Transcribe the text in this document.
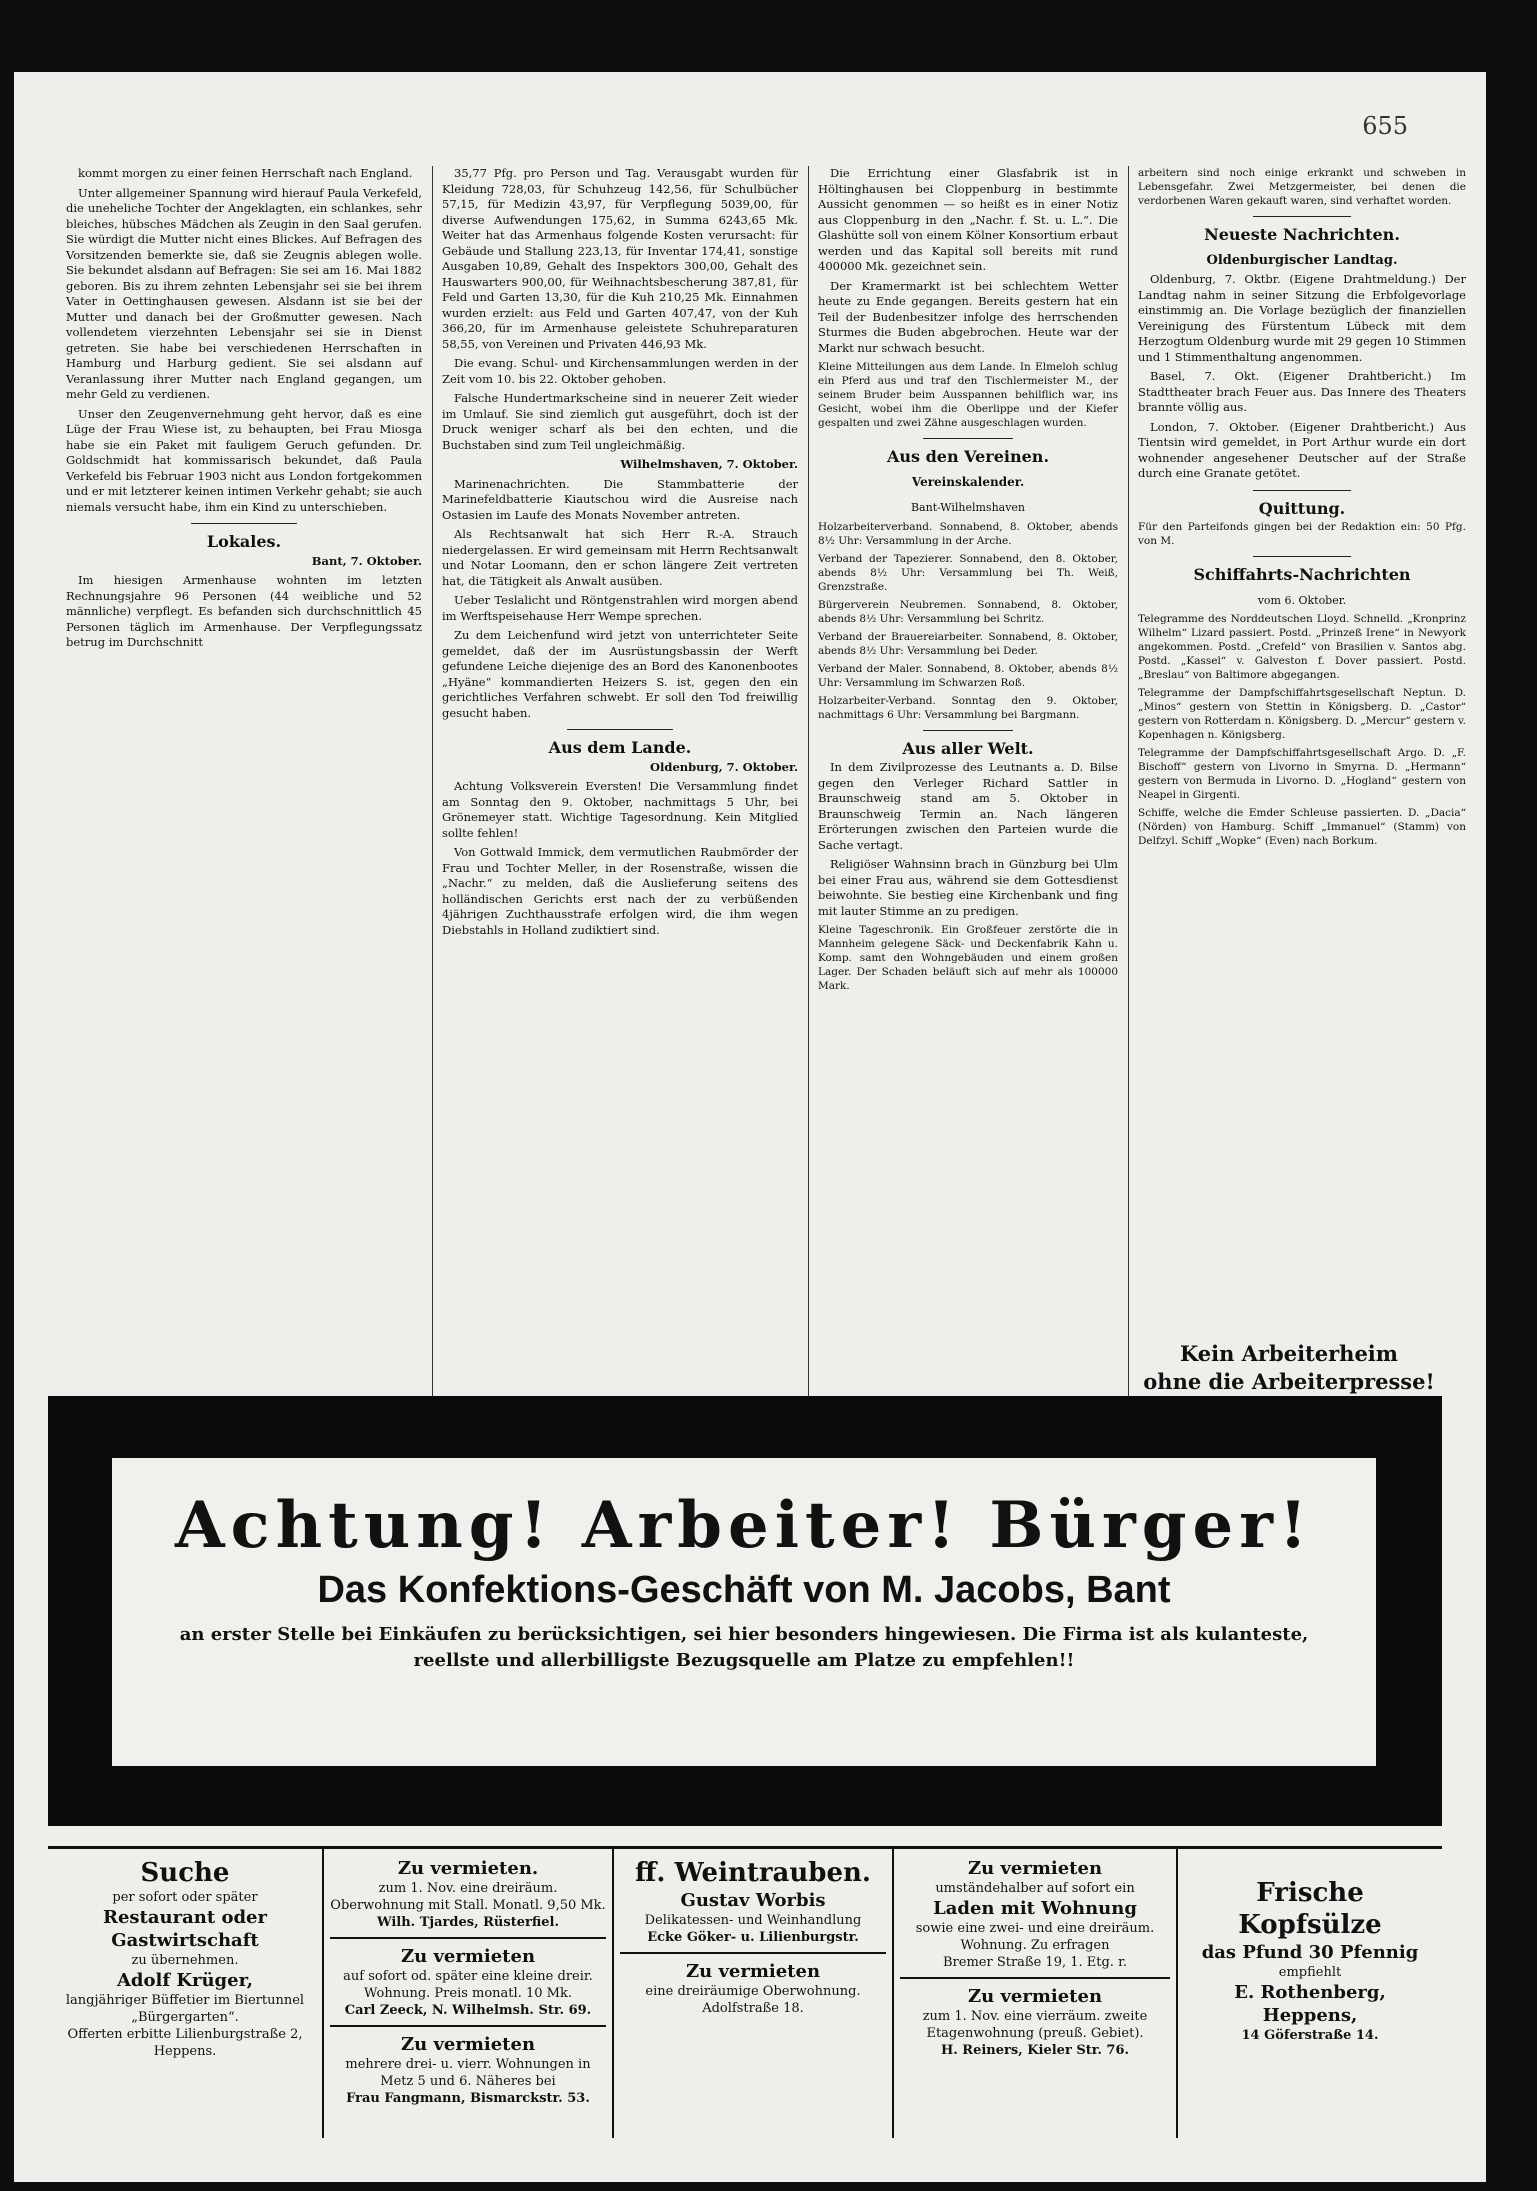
655

kommt morgen zu einer feinen Herrschaft nach England.

Unter allgemeiner Spannung wird hierauf Paula Verkefeld, die uneheliche Tochter der Angeklagten, ein schlankes, sehr bleiches, hübsches Mädchen als Zeugin in den Saal gerufen. Sie würdigt die Mutter nicht eines Blickes. Auf Befragen des Vorsitzenden bemerkte sie, daß sie Zeugnis ablegen wolle. Sie bekundet alsdann auf Befragen: Sie sei am 16. Mai 1882 geboren. Bis zu ihrem zehnten Lebensjahr sei sie bei ihrem Vater in Oettinghausen gewesen. Alsdann ist sie bei der Mutter und danach bei der Großmutter gewesen. Nach vollendetem vierzehnten Lebensjahr sei sie in Dienst getreten. Sie habe bei verschiedenen Herrschaften in Hamburg und Harburg gedient. Sie sei alsdann auf Veranlassung ihrer Mutter nach England gegangen, um mehr Geld zu verdienen.

Unser den Zeugenvernehmung geht hervor, daß es eine Lüge der Frau Wiese ist, zu behaupten, bei Frau Miosga habe sie ein Paket mit fauligem Geruch gefunden. Dr. Goldschmidt hat kommissarisch bekundet, daß Paula Verkefeld bis Februar 1903 nicht aus London fortgekommen und er mit letzterer keinen intimen Verkehr gehabt; sie auch niemals versucht habe, ihm ein Kind zu unterschieben.

Lokales.

Bant, 7. Oktober.

Im hiesigen Armenhause wohnten im letzten Rechnungsjahre 96 Personen (44 weibliche und 52 männliche) verpflegt. Es befanden sich durchschnittlich 45 Personen täglich im Armenhause. Der Verpflegungssatz betrug im Durchschnitt

35,77 Pfg. pro Person und Tag. Verausgabt wurden für Kleidung 728,03, für Schuhzeug 142,56, für Schulbücher 57,15, für Medizin 43,97, für Verpflegung 5039,00, für diverse Aufwendungen 175,62, in Summa 6243,65 Mk. Weiter hat das Armenhaus folgende Kosten verursacht: für Gebäude und Stallung 223,13, für Inventar 174,41, sonstige Ausgaben 10,89, Gehalt des Inspektors 300,00, Gehalt des Hauswarters 900,00, für Weihnachtsbescherung 387,81, für Feld und Garten 13,30, für die Kuh 210,25 Mk. Einnahmen wurden erzielt: aus Feld und Garten 407,47, von der Kuh 366,20, für im Armenhause geleistete Schuhreparaturen 58,55, von Vereinen und Privaten 446,93 Mk.

Die evang. Schul- und Kirchensammlungen werden in der Zeit vom 10. bis 22. Oktober gehoben.

Falsche Hundertmarkscheine sind in neuerer Zeit wieder im Umlauf. Sie sind ziemlich gut ausgeführt, doch ist der Druck weniger scharf als bei den echten, und die Buchstaben sind zum Teil ungleichmäßig.

Wilhelmshaven, 7. Oktober.

Marinenachrichten. Die Stammbatterie der Marinefeldbatterie Kiautschou wird die Ausreise nach Ostasien im Laufe des Monats November antreten.

Als Rechtsanwalt hat sich Herr R.-A. Strauch niedergelassen. Er wird gemeinsam mit Herrn Rechtsanwalt und Notar Loomann, den er schon längere Zeit vertreten hat, die Tätigkeit als Anwalt ausüben.

Ueber Teslalicht und Röntgenstrahlen wird morgen abend im Werftspeisehause Herr Wempe sprechen.

Zu dem Leichenfund wird jetzt von unterrichteter Seite gemeldet, daß der im Ausrüstungsbassin der Werft gefundene Leiche diejenige des an Bord des Kanonenbootes „Hyäne“ kommandierten Heizers S. ist, gegen den ein gerichtliches Verfahren schwebt. Er soll den Tod freiwillig gesucht haben.

Aus dem Lande.

Oldenburg, 7. Oktober.

Achtung Volksverein Eversten! Die Versammlung findet am Sonntag den 9. Oktober, nachmittags 5 Uhr, bei Grönemeyer statt. Wichtige Tagesordnung. Kein Mitglied sollte fehlen!

Von Gottwald Immick, dem vermutlichen Raubmörder der Frau und Tochter Meller, in der Rosenstraße, wissen die „Nachr.“ zu melden, daß die Auslieferung seitens des holländischen Gerichts erst nach der zu verbüßenden 4jährigen Zuchthausstrafe erfolgen wird, die ihm wegen Diebstahls in Holland zudiktiert sind.

Die Errichtung einer Glasfabrik ist in Höltinghausen bei Cloppenburg in bestimmte Aussicht genommen — so heißt es in einer Notiz aus Cloppenburg in den „Nachr. f. St. u. L.“. Die Glashütte soll von einem Kölner Konsortium erbaut werden und das Kapital soll bereits mit rund 400000 Mk. gezeichnet sein.

Der Kramermarkt ist bei schlechtem Wetter heute zu Ende gegangen. Bereits gestern hat ein Teil der Budenbesitzer infolge des herrschenden Sturmes die Buden abgebrochen. Heute war der Markt nur schwach besucht.

Kleine Mitteilungen aus dem Lande. In Elmeloh schlug ein Pferd aus und traf den Tischlermeister M., der seinem Bruder beim Ausspannen behilflich war, ins Gesicht, wobei ihm die Oberlippe und der Kiefer gespalten und zwei Zähne ausgeschlagen wurden.

Aus den Vereinen.

Vereinskalender.

Bant-Wilhelmshaven

Holzarbeiterverband. Sonnabend, 8. Oktober, abends 8½ Uhr: Versammlung in der Arche.

Verband der Tapezierer. Sonnabend, den 8. Oktober, abends 8½ Uhr: Versammlung bei Th. Weiß, Grenzstraße.

Bürgerverein Neubremen. Sonnabend, 8. Oktober, abends 8½ Uhr: Versammlung bei Schritz.

Verband der Brauereiarbeiter. Sonnabend, 8. Oktober, abends 8½ Uhr: Versammlung bei Deder.

Verband der Maler. Sonnabend, 8. Oktober, abends 8½ Uhr: Versammlung im Schwarzen Roß.

Holzarbeiter-Verband. Sonntag den 9. Oktober, nachmittags 6 Uhr: Versammlung bei Bargmann.

Aus aller Welt.

In dem Zivilprozesse des Leutnants a. D. Bilse gegen den Verleger Richard Sattler in Braunschweig stand am 5. Oktober in Braunschweig Termin an. Nach längeren Erörterungen zwischen den Parteien wurde die Sache vertagt.

Religiöser Wahnsinn brach in Günzburg bei Ulm bei einer Frau aus, während sie dem Gottesdienst beiwohnte. Sie bestieg eine Kirchenbank und fing mit lauter Stimme an zu predigen.

Kleine Tageschronik. Ein Großfeuer zerstörte die in Mannheim gelegene Säck- und Deckenfabrik Kahn u. Komp. samt den Wohngebäuden und einem großen Lager. Der Schaden beläuft sich auf mehr als 100000 Mark.

arbeitern sind noch einige erkrankt und schweben in Lebensgefahr. Zwei Metzgermeister, bei denen die verdorbenen Waren gekauft waren, sind verhaftet worden.

Neueste Nachrichten.

Oldenburgischer Landtag.

Oldenburg, 7. Oktbr. (Eigene Drahtmeldung.) Der Landtag nahm in seiner Sitzung die Erbfolgevorlage einstimmig an. Die Vorlage bezüglich der finanziellen Vereinigung des Fürstentum Lübeck mit dem Herzogtum Oldenburg wurde mit 29 gegen 10 Stimmen und 1 Stimmenthaltung angenommen.

Basel, 7. Okt. (Eigener Drahtbericht.) Im Stadttheater brach Feuer aus. Das Innere des Theaters brannte völlig aus.

London, 7. Oktober. (Eigener Drahtbericht.) Aus Tientsin wird gemeldet, in Port Arthur wurde ein dort wohnender angesehener Deutscher auf der Straße durch eine Granate getötet.

Quittung.

Für den Parteifonds gingen bei der Redaktion ein: 50 Pfg. von M.

Schiffahrts-Nachrichten

vom 6. Oktober.

Telegramme des Norddeutschen Lloyd. Schnelld. „Kronprinz Wilhelm“ Lizard passiert. Postd. „Prinzeß Irene“ in Newyork angekommen. Postd. „Crefeld“ von Brasilien v. Santos abg. Postd. „Kassel“ v. Galveston f. Dover passiert. Postd. „Breslau“ von Baltimore abgegangen.

Telegramme der Dampfschiffahrtsgesellschaft Neptun. D. „Minos“ gestern von Stettin in Königsberg. D. „Castor“ gestern von Rotterdam n. Königsberg. D. „Mercur“ gestern v. Kopenhagen n. Königsberg.

Telegramme der Dampfschiffahrtsgesellschaft Argo. D. „F. Bischoff“ gestern von Livorno in Smyrna. D. „Hermann“ gestern von Bermuda in Livorno. D. „Hogland“ gestern von Neapel in Girgenti.

Schiffe, welche die Emder Schleuse passierten. D. „Dacia“ (Nörden) von Hamburg. Schiff „Immanuel“ (Stamm) von Delfzyl. Schiff „Wopke“ (Even) nach Borkum.

Kein Arbeiterheim
ohne die Arbeiterpresse!
Achtung! Arbeiter! Bürger!
Das Konfektions-Geschäft von M. Jacobs, Bant
an erster Stelle bei Einkäufen zu berücksichtigen, sei hier besonders hingewiesen. Die Firma ist als kulanteste, reellste und allerbilligste Bezugsquelle am Platze zu empfehlen!!
Suche
per sofort oder später
Restaurant oder Gastwirtschaft
zu übernehmen.
Adolf Krüger,
langjähriger Büffetier im Biertunnel „Bürgergarten“.
Offerten erbitte Lilienburgstraße 2, Heppens.
Zu vermieten.
zum 1. Nov. eine dreiräum. Oberwohnung mit Stall. Monatl. 9,50 Mk.
Wilh. Tjardes, Rüsterfiel.
Zu vermieten
auf sofort od. später eine kleine dreir. Wohnung. Preis monatl. 10 Mk.
Carl Zeeck, N. Wilhelmsh. Str. 69.
Zu vermieten
mehrere drei- u. vierr. Wohnungen in Metz 5 und 6. Näheres bei
Frau Fangmann, Bismarckstr. 53.
ff. Weintrauben.
Gustav Worbis
Delikatessen- und Weinhandlung
Ecke Göker- u. Lilienburgstr.
Zu vermieten
eine dreiräumige Oberwohnung.
Adolfstraße 18.
Zu vermieten
umständehalber auf sofort ein
Laden mit Wohnung
sowie eine zwei- und eine dreiräum. Wohnung. Zu erfragen
Bremer Straße 19, 1. Etg. r.
Zu vermieten
zum 1. Nov. eine vierräum. zweite Etagenwohnung (preuß. Gebiet).
H. Reiners, Kieler Str. 76.
Frische Kopfsülze
das Pfund 30 Pfennig
empfiehlt
E. Rothenberg, Heppens,
14 Göferstraße 14.
